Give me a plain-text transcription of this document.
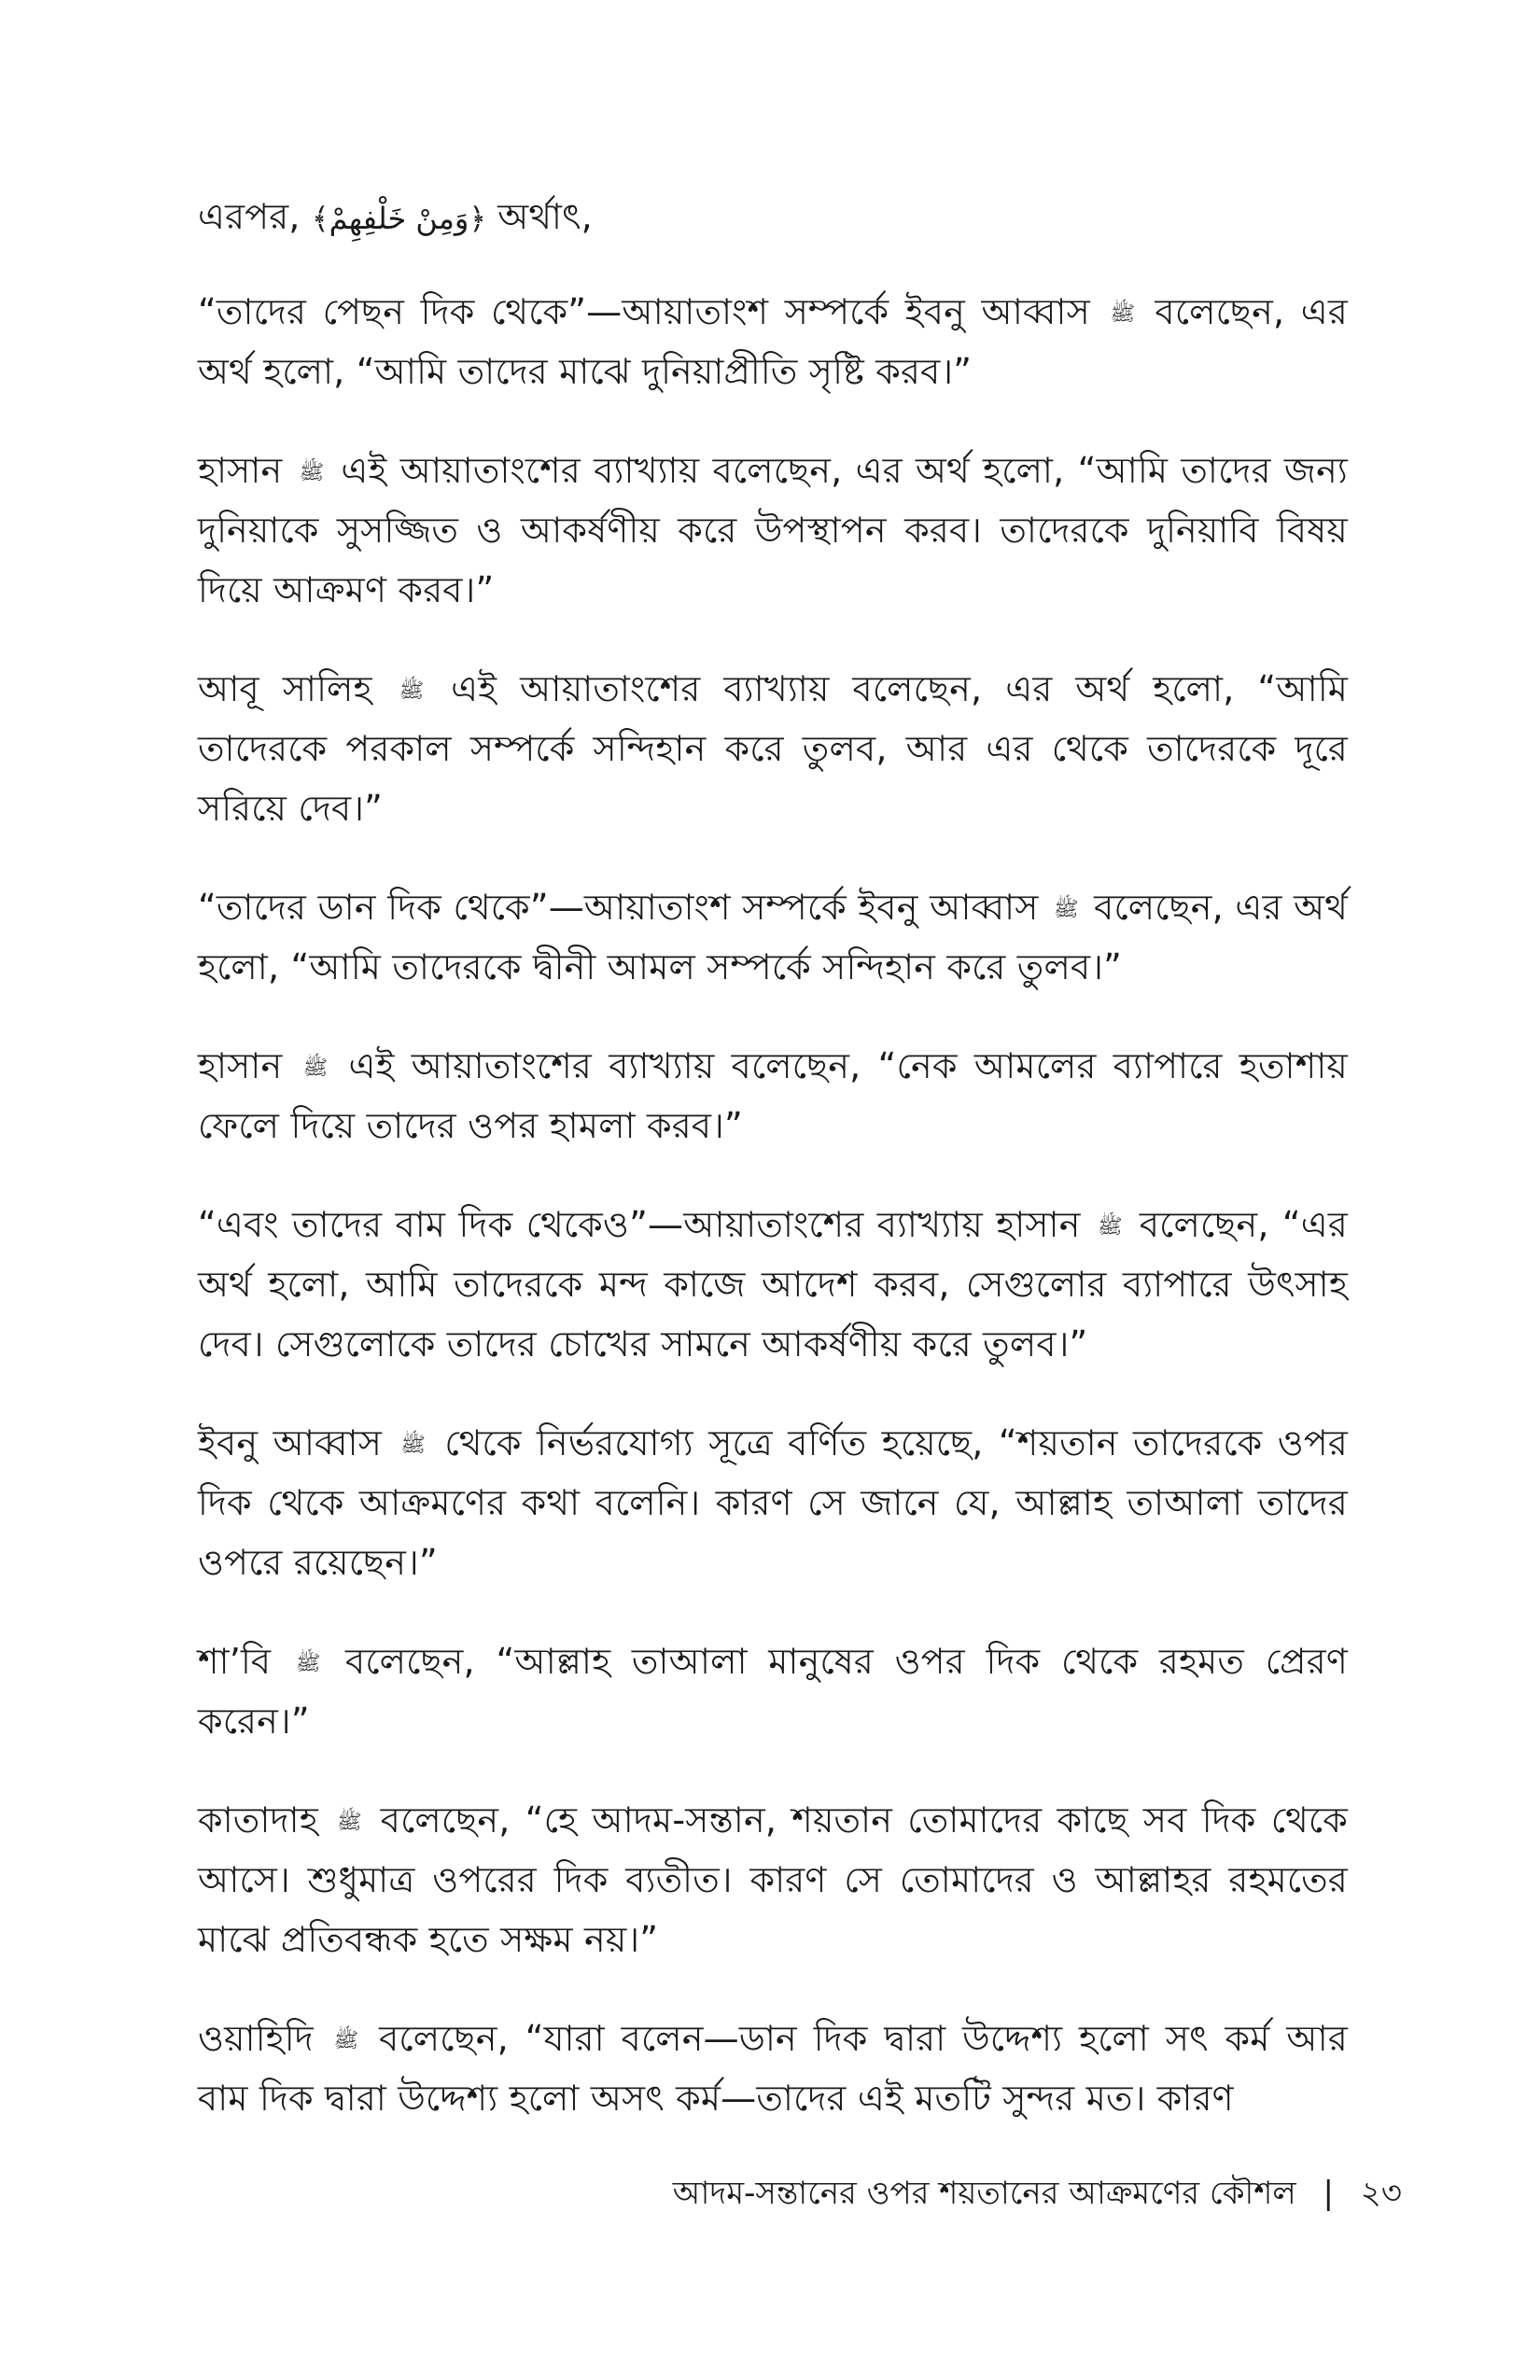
এরপর, ﴿وَمِنْ خَلْفِهِمْ﴾ অর্থাৎ,

“তাদের পেছন দিক থেকে”—আয়াতাংশ সম্পর্কে ইবনু আব্বাস ﷺ বলেছেন, এর অর্থ হলো, “আমি তাদের মাঝে দুনিয়াপ্রীতি সৃষ্টি করব।”

হাসান ﷺ এই আয়াতাংশের ব্যাখ্যায় বলেছেন, এর অর্থ হলো, “আমি তাদের জন্য দুনিয়াকে সুসজ্জিত ও আকর্ষণীয় করে উপস্থাপন করব। তাদেরকে দুনিয়াবি বিষয় দিয়ে আক্রমণ করব।”

আবূ সালিহ ﷺ এই আয়াতাংশের ব্যাখ্যায় বলেছেন, এর অর্থ হলো, “আমি তাদেরকে পরকাল সম্পর্কে সন্দিহান করে তুলব, আর এর থেকে তাদেরকে দূরে সরিয়ে দেব।”

“তাদের ডান দিক থেকে”—আয়াতাংশ সম্পর্কে ইবনু আব্বাস ﷺ বলেছেন, এর অর্থ হলো, “আমি তাদেরকে দ্বীনী আমল সম্পর্কে সন্দিহান করে তুলব।”

হাসান ﷺ এই আয়াতাংশের ব্যাখ্যায় বলেছেন, “নেক আমলের ব্যাপারে হতাশায় ফেলে দিয়ে তাদের ওপর হামলা করব।”

“এবং তাদের বাম দিক থেকেও”—আয়াতাংশের ব্যাখ্যায় হাসান ﷺ বলেছেন, “এর অর্থ হলো, আমি তাদেরকে মন্দ কাজে আদেশ করব, সেগুলোর ব্যাপারে উৎসাহ দেব। সেগুলোকে তাদের চোখের সামনে আকর্ষণীয় করে তুলব।”

ইবনু আব্বাস ﷺ থেকে নির্ভরযোগ্য সূত্রে বর্ণিত হয়েছে, “শয়তান তাদেরকে ওপর দিক থেকে আক্রমণের কথা বলেনি। কারণ সে জানে যে, আল্লাহ তাআলা তাদের ওপরে রয়েছেন।”

শা’বি ﷺ বলেছেন, “আল্লাহ তাআলা মানুষের ওপর দিক থেকে রহমত প্রেরণ করেন।”

কাতাদাহ ﷺ বলেছেন, “হে আদম-সন্তান, শয়তান তোমাদের কাছে সব দিক থেকে আসে। শুধুমাত্র ওপরের দিক ব্যতীত। কারণ সে তোমাদের ও আল্লাহর রহমতের মাঝে প্রতিবন্ধক হতে সক্ষম নয়।”

ওয়াহিদি ﷺ বলেছেন, “যারা বলেন—ডান দিক দ্বারা উদ্দেশ্য হলো সৎ কর্ম আর বাম দিক দ্বারা উদ্দেশ্য হলো অসৎ কর্ম—তাদের এই মতটি সুন্দর মত। কারণ

আদম-সন্তানের ওপর শয়তানের আক্রমণের কৌশল | ২৩
